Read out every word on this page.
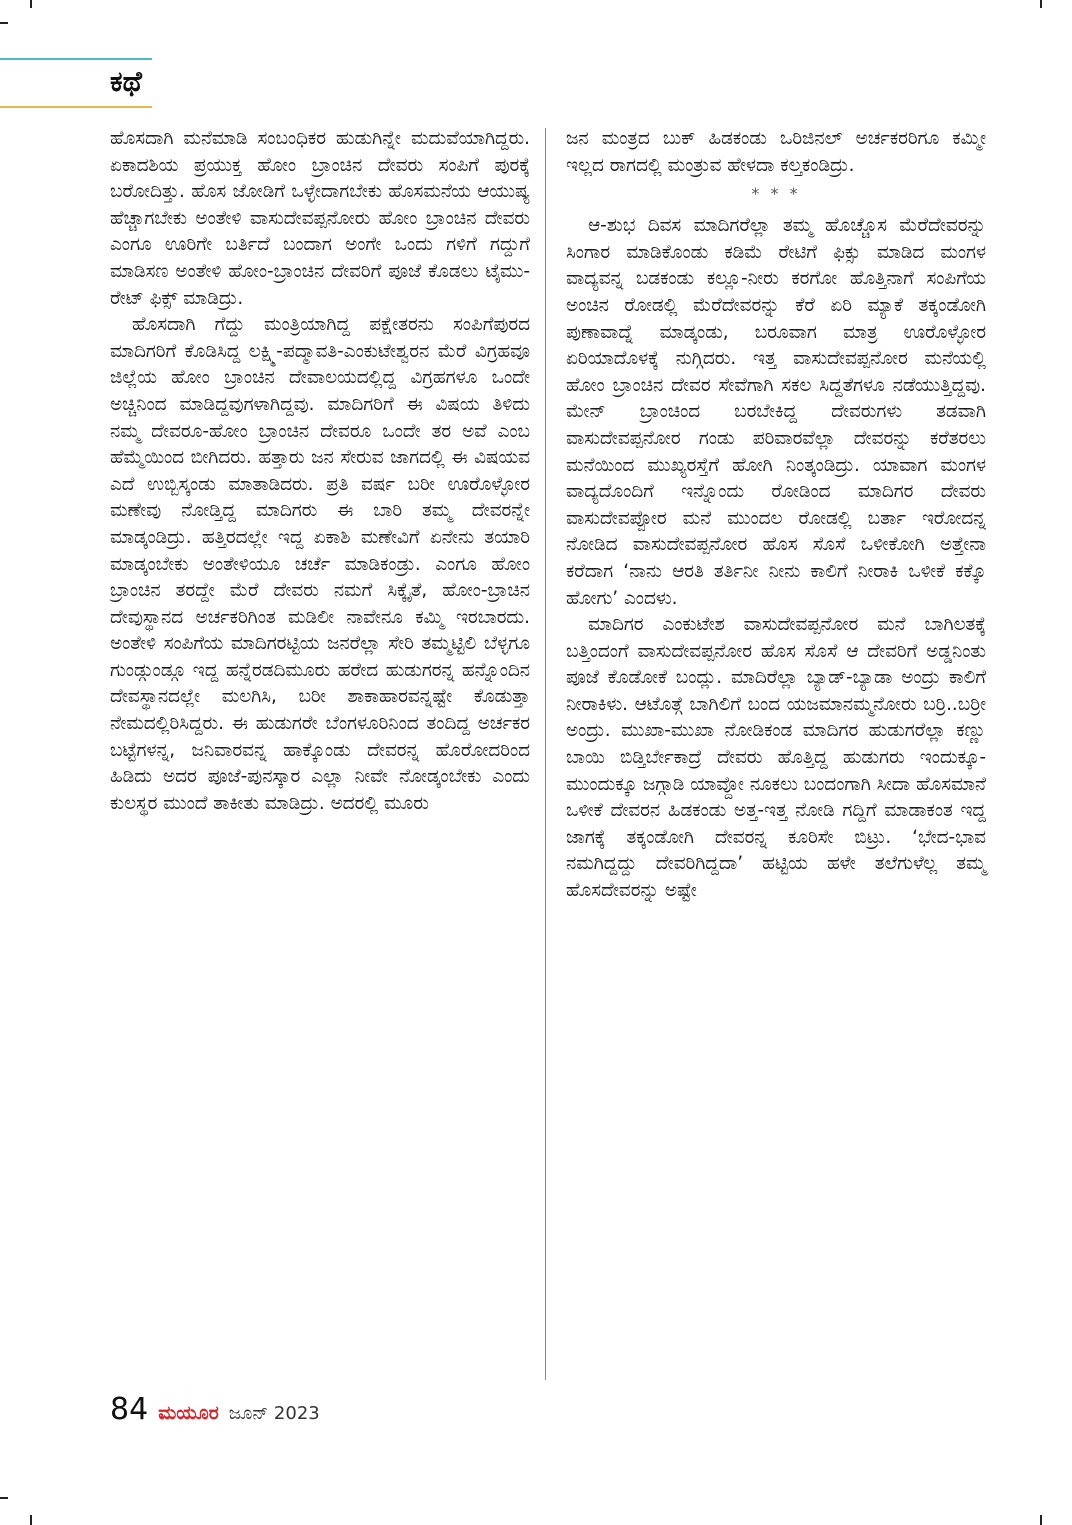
ಕಥೆ

ಹೊಸದಾಗಿ ಮನೆಮಾಡಿ ಸಂಬಂಧಿಕರ ಹುಡುಗಿನ್ನೇ ಮದುವೆಯಾಗಿದ್ದರು. ಏಕಾದಶಿಯ ಪ್ರಯುಕ್ತ ಹೋಂ ಬ್ರಾಂಚಿನ ದೇವರು ಸಂಪಿಗೆ ಪುರಕ್ಕೆ ಬರೋದಿತ್ತು. ಹೊಸ ಜೋಡಿಗೆ ಒಳ್ಳೇದಾಗಬೇಕು ಹೊಸಮನೆಯ ಆಯುಷ್ಯ ಹೆಚ್ಚಾಗಬೇಕು ಅಂತೇಳಿ ವಾಸುದೇವಪ್ಪನೋರು ಹೋಂ ಬ್ರಾಂಚಿನ ದೇವರು ಎಂಗೂ ಊರಿಗೇ ಬರ್ತಿದೆ ಬಂದಾಗ ಅಂಗೇ ಒಂದು ಗಳಿಗೆ ಗದ್ದುಗೆ ಮಾಡಿಸಣ ಅಂತೇಳಿ ಹೋಂ-ಬ್ರಾಂಚಿನ ದೇವರಿಗೆ ಪೂಜೆ ಕೊಡಲು ಟೈಮು-ರೇಟ್ ಫಿಕ್ಸ್ ಮಾಡಿದ್ರು.

ಹೊಸದಾಗಿ ಗೆದ್ದು ಮಂತ್ರಿಯಾಗಿದ್ದ ಪಕ್ಷೇತರನು ಸಂಪಿಗೆಪುರದ ಮಾದಿಗರಿಗೆ ಕೊಡಿಸಿದ್ದ ಲಕ್ಷ್ಮಿ-ಪದ್ಮಾವತಿ-ಎಂಕುಟೇಶ್ವರನ ಮೆರೆ ವಿಗ್ರಹವೂ ಜಿಲ್ಲೆಯ ಹೋಂ ಬ್ರಾಂಚಿನ ದೇವಾಲಯದಲ್ಲಿದ್ದ ವಿಗ್ರಹಗಳೂ ಒಂದೇ ಅಚ್ಚಿನಿಂದ ಮಾಡಿದ್ದವುಗಳಾಗಿದ್ದವು. ಮಾದಿಗರಿಗೆ ಈ ವಿಷಯ ತಿಳಿದು ನಮ್ಮ ದೇವರೂ-ಹೋಂ ಬ್ರಾಂಚಿನ ದೇವರೂ ಒಂದೇ ತರ ಅವೆ ಎಂಬ ಹೆಮ್ಮೆಯಿಂದ ಬೀಗಿದರು. ಹತ್ತಾರು ಜನ ಸೇರುವ ಜಾಗದಲ್ಲಿ ಈ ವಿಷಯವ ಎದೆ ಉಬ್ಬಿಸ್ಕಂಡು ಮಾತಾಡಿದರು. ಪ್ರತಿ ವರ್ಷ ಬರೀ ಊರೊಳ್ಳೋರ ಮಣೇವು ನೋಡ್ತಿದ್ದ ಮಾದಿಗರು ಈ ಬಾರಿ ತಮ್ಮ ದೇವರನ್ನೇ ಮಾಡ್ಕಂಡಿದ್ರು. ಹತ್ತಿರದಲ್ಲೇ ಇದ್ದ ಏಕಾಶಿ ಮಣೇವಿಗೆ ಏನೇನು ತಯಾರಿ ಮಾಡ್ಕಂಬೇಕು ಅಂತೇಳಿಯೂ ಚರ್ಚೆ ಮಾಡಿಕಂಡ್ರು. ಎಂಗೂ ಹೋಂ ಬ್ರಾಂಚಿನ ತರದ್ದೇ ಮೆರೆ ದೇವರು ನಮಗೆ ಸಿಕ್ಕೈತೆ, ಹೋಂ-ಬ್ರಾಚಿನ ದೇವುಸ್ಥಾನದ ಅರ್ಚಕರಿಗಿಂತ ಮಡಿಲೀ ನಾವೇನೂ ಕಮ್ಮಿ ಇರಬಾರದು. ಅಂತೇಳಿ ಸಂಪಿಗೆಯ ಮಾದಿಗರಟ್ಟಿಯ ಜನರೆಲ್ಲಾ ಸೇರಿ ತಮ್ಮಟ್ಟಿಲಿ ಬೆಳ್ಳಗೂ ಗುಂಡ್ಗುಂಡ್ಗೂ ಇದ್ದ ಹನ್ನೆರಡದಿಮೂರು ಹರೇದ ಹುಡುಗರನ್ನ ಹನ್ನೊಂದಿನ ದೇವಸ್ಥಾನದಲ್ಲೇ ಮಲಗಿಸಿ, ಬರೀ ಶಾಕಾಹಾರವನ್ನಷ್ಟೇ ಕೊಡುತ್ತಾ ನೇಮದಲ್ಲಿರಿಸಿದ್ದರು. ಈ ಹುಡುಗರೇ ಬೆಂಗಳೂರಿನಿಂದ ತಂದಿದ್ದ ಅರ್ಚಕರ ಬಟ್ಟೆಗಳನ್ನ, ಜನಿವಾರವನ್ನ ಹಾಕ್ಕೊಂಡು ದೇವರನ್ನ ಹೊರೋದರಿಂದ ಹಿಡಿದು ಅದರ ಪೂಜೆ-ಪುನಸ್ಕಾರ ಎಲ್ಲಾ ನೀವೇ ನೋಡ್ಕಂಬೇಕು ಎಂದು ಕುಲಸ್ಥರ ಮುಂದೆ ತಾಕೀತು ಮಾಡಿದ್ರು. ಅದರಲ್ಲಿ ಮೂರು

ಜನ ಮಂತ್ರದ ಬುಕ್ ಹಿಡಕಂಡು ಒರಿಜಿನಲ್ ಅರ್ಚಕರರಿಗೂ ಕಮ್ಮೀ ಇಲ್ಲದ ರಾಗದಲ್ಲಿ ಮಂತ್ರುವ ಹೇಳದಾ ಕಲ್ತಕಂಡಿದ್ರು.

* * *

ಆ-ಶುಭ ದಿವಸ ಮಾದಿಗರೆಲ್ಲಾ ತಮ್ಮ ಹೊಚ್ಚೊಸ ಮೆರೆದೇವರನ್ನು ಸಿಂಗಾರ ಮಾಡಿಕೊಂಡು ಕಡಿಮೆ ರೇಟಿಗೆ ಫಿಕ್ಸು ಮಾಡಿದ ಮಂಗಳ ವಾದ್ಯವನ್ನ ಬಡಕಂಡು ಕಲ್ಲೂ-ನೀರು ಕರಗೋ ಹೊತ್ತಿನಾಗೆ ಸಂಪಿಗೆಯ ಅಂಚಿನ ರೋಡಲ್ಲಿ ಮೆರೆದೇವರನ್ನು ಕೆರೆ ಏರಿ ಮ್ಯಾಕೆ ತಕ್ಕಂಡೋಗಿ ಪುಣಾವಾದ್ನೆ ಮಾಡ್ಕಂಡು, ಬರೂವಾಗ ಮಾತ್ರ ಊರೊಳ್ಳೋರ ಏರಿಯಾದೊಳಕ್ಕೆ ನುಗ್ಗಿದರು. ಇತ್ತ ವಾಸುದೇವಪ್ಪನೋರ ಮನೆಯಲ್ಲಿ ಹೋಂ ಬ್ರಾಂಚಿನ ದೇವರ ಸೇವೆಗಾಗಿ ಸಕಲ ಸಿದ್ದತೆಗಳೂ ನಡೆಯುತ್ತಿದ್ದವು. ಮೇನ್ ಬ್ರಾಂಚಿಂದ ಬರಬೇಕಿದ್ದ ದೇವರುಗಳು ತಡವಾಗಿ ವಾಸುದೇವಪ್ಪನೋರ ಗಂಡು ಪರಿವಾರವೆಲ್ಲಾ ದೇವರನ್ನು ಕರೆತರಲು ಮನೆಯಿಂದ ಮುಖ್ಯರಸ್ತೆಗೆ ಹೋಗಿ ನಿಂತ್ಕಂಡಿದ್ರು. ಯಾವಾಗ ಮಂಗಳ ವಾದ್ಯದೊಂದಿಗೆ ಇನ್ನೊಂದು ರೋಡಿಂದ ಮಾದಿಗರ ದೇವರು ವಾಸುದೇವಪ್ಪೋರ ಮನೆ ಮುಂದಲ ರೋಡಲ್ಲಿ ಬರ್ತಾ ಇರೋದನ್ನ ನೋಡಿದ ವಾಸುದೇವಪ್ಪನೋರ ಹೊಸ ಸೊಸೆ ಒಳೀಕೋಗಿ ಅತ್ತೇನಾ ಕರೆದಾಗ ‘ನಾನು ಆರತಿ ತರ್ತಿನೀ ನೀನು ಕಾಲಿಗೆ ನೀರಾಕಿ ಒಳೀಕೆ ಕಕ್ಕೊ ಹೋಗು’ ಎಂದಳು.

ಮಾದಿಗರ ಎಂಕುಟೇಶ ವಾಸುದೇವಪ್ಪನೋರ ಮನೆ ಬಾಗಿಲತಕ್ಕೆ ಬತ್ತಿಂದಂಗೆ ವಾಸುದೇವಪ್ಪನೋರ ಹೊಸ ಸೊಸೆ ಆ ದೇವರಿಗೆ ಅಡ್ಡನಿಂತು ಪೂಜೆ ಕೊಡೋಕೆ ಬಂದ್ಲು. ಮಾದಿರೆಲ್ಲಾ ಬ್ಯಾಡ್-ಬ್ಯಾಡಾ ಅಂದ್ರು ಕಾಲಿಗೆ ನೀರಾಕಿಳು. ಆಟೊತ್ಗೆ ಬಾಗಿಲಿಗೆ ಬಂದ ಯಜಮಾನಮ್ಮನೋರು ಬರ‍್ರಿ..ಬರ‍್ರೀ ಅಂದ್ರು. ಮುಖಾ-ಮುಖಾ ನೋಡಿಕಂಡ ಮಾದಿಗರ ಹುಡುಗರೆಲ್ಲಾ ಕಣ್ಣು ಬಾಯಿ ಬಿಡ್ತಿರ್ಬೇಕಾದ್ರೆ ದೇವರು ಹೊತ್ತಿದ್ದ ಹುಡುಗರು ಇಂದುಕ್ಕೂ-ಮುಂದುಕ್ಕೂ ಜಗ್ಗಾಡಿ ಯಾವ್ದೋ ನೂಕಲು ಬಂದಂಗಾಗಿ ಸೀದಾ ಹೊಸಮಾನೆ ಒಳೀಕೆ ದೇವರನ ಹಿಡಕಂಡು ಅತ್ತ-ಇತ್ತ ನೋಡಿ ಗದ್ದಿಗೆ ಮಾಡಾಕಂತ ಇದ್ದ ಜಾಗಕ್ಕೆ ತಕ್ಕಂಡೋಗಿ ದೇವರನ್ನ ಕೂರಿಸೇ ಬಿಟ್ರು. ‘ಭೇದ-ಭಾವ ನಮಗಿದ್ದದ್ದು ದೇವರಿಗಿದ್ದದಾ’ ಹಟ್ಟಿಯ ಹಳೇ ತಲೆಗುಳೆಲ್ಲ ತಮ್ಮ ಹೊಸದೇವರನ್ನು ಅಷ್ಟೇ

84 ಮಯೂರ ಜೂನ್ 2023
